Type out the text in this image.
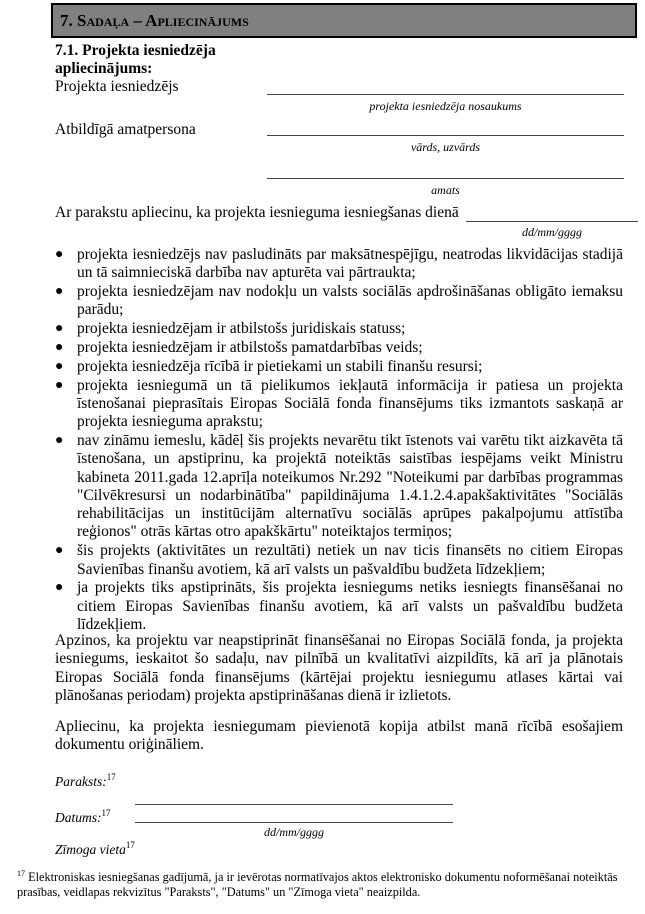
7. Sadaļa – Apliecinājums
7.1. Projekta iesniedzēja apliecinājums:
Projekta iesniedzējs
projekta iesniedzēja nosaukums
Atbildīgā amatpersona
vārds, uzvārds
amats
Ar parakstu apliecinu, ka projekta iesnieguma iesniegšanas dienā
dd/mm/gggg
● projekta iesniedzējs nav pasludināts par maksātnespējīgu, neatrodas likvidācijas stadijā un tā saimnieciskā darbība nav apturēta vai pārtraukta;
● projekta iesniedzējam nav nodokļu un valsts sociālās apdrošināšanas obligāto iemaksu parādu;
● projekta iesniedzējam ir atbilstošs juridiskais statuss;
● projekta iesniedzējam ir atbilstošs pamatdarbības veids;
● projekta iesniedzēja rīcībā ir pietiekami un stabili finanšu resursi;
● projekta iesniegumā un tā pielikumos iekļautā informācija ir patiesa un projekta īstenošanai pieprasītais Eiropas Sociālā fonda finansējums tiks izmantots saskaņā ar projekta iesnieguma aprakstu;
● nav zināmu iemeslu, kādēļ šis projekts nevarētu tikt īstenots vai varētu tikt aizkavēta tā īstenošana, un apstiprinu, ka projektā noteiktās saistības iespējams veikt Ministru kabineta 2011.gada 12.aprīļa noteikumos Nr.292 "Noteikumi par darbības programmas "Cilvēkresursi un nodarbinātība" papildinājuma 1.4.1.2.4.apakšaktivitātes "Sociālās rehabilitācijas un institūcijām alternatīvu sociālās aprūpes pakalpojumu attīstība reģionos" otrās kārtas otro apakškārtu" noteiktajos termiņos;
● šis projekts (aktivitātes un rezultāti) netiek un nav ticis finansēts no citiem Eiropas Savienības finanšu avotiem, kā arī valsts un pašvaldību budžeta līdzekļiem;
● ja projekts tiks apstiprināts, šis projekta iesniegums netiks iesniegts finansēšanai no citiem Eiropas Savienības finanšu avotiem, kā arī valsts un pašvaldību budžeta līdzekļiem.
Apzinos, ka projektu var neapstiprināt finansēšanai no Eiropas Sociālā fonda, ja projekta iesniegums, ieskaitot šo sadaļu, nav pilnībā un kvalitatīvi aizpildīts, kā arī ja plānotais Eiropas Sociālā fonda finansējums (kārtējai projektu iesniegumu atlases kārtai vai plānošanas periodam) projekta apstiprināšanas dienā ir izlietots.
Apliecinu, ka projekta iesniegumam pievienotā kopija atbilst manā rīcībā esošajiem dokumentu oriģināliem.
Paraksts:$^{17}$
Datums:$^{17}$
dd/mm/gggg
Zīmoga vieta$^{17}$
$^{17}$ Elektroniskas iesniegšanas gadījumā, ja ir ievērotas normatīvajos aktos elektronisko dokumentu noformēšanai noteiktās prasības, veidlapas rekvizītus "Paraksts", "Datums" un "Zīmoga vieta" neaizpilda.
